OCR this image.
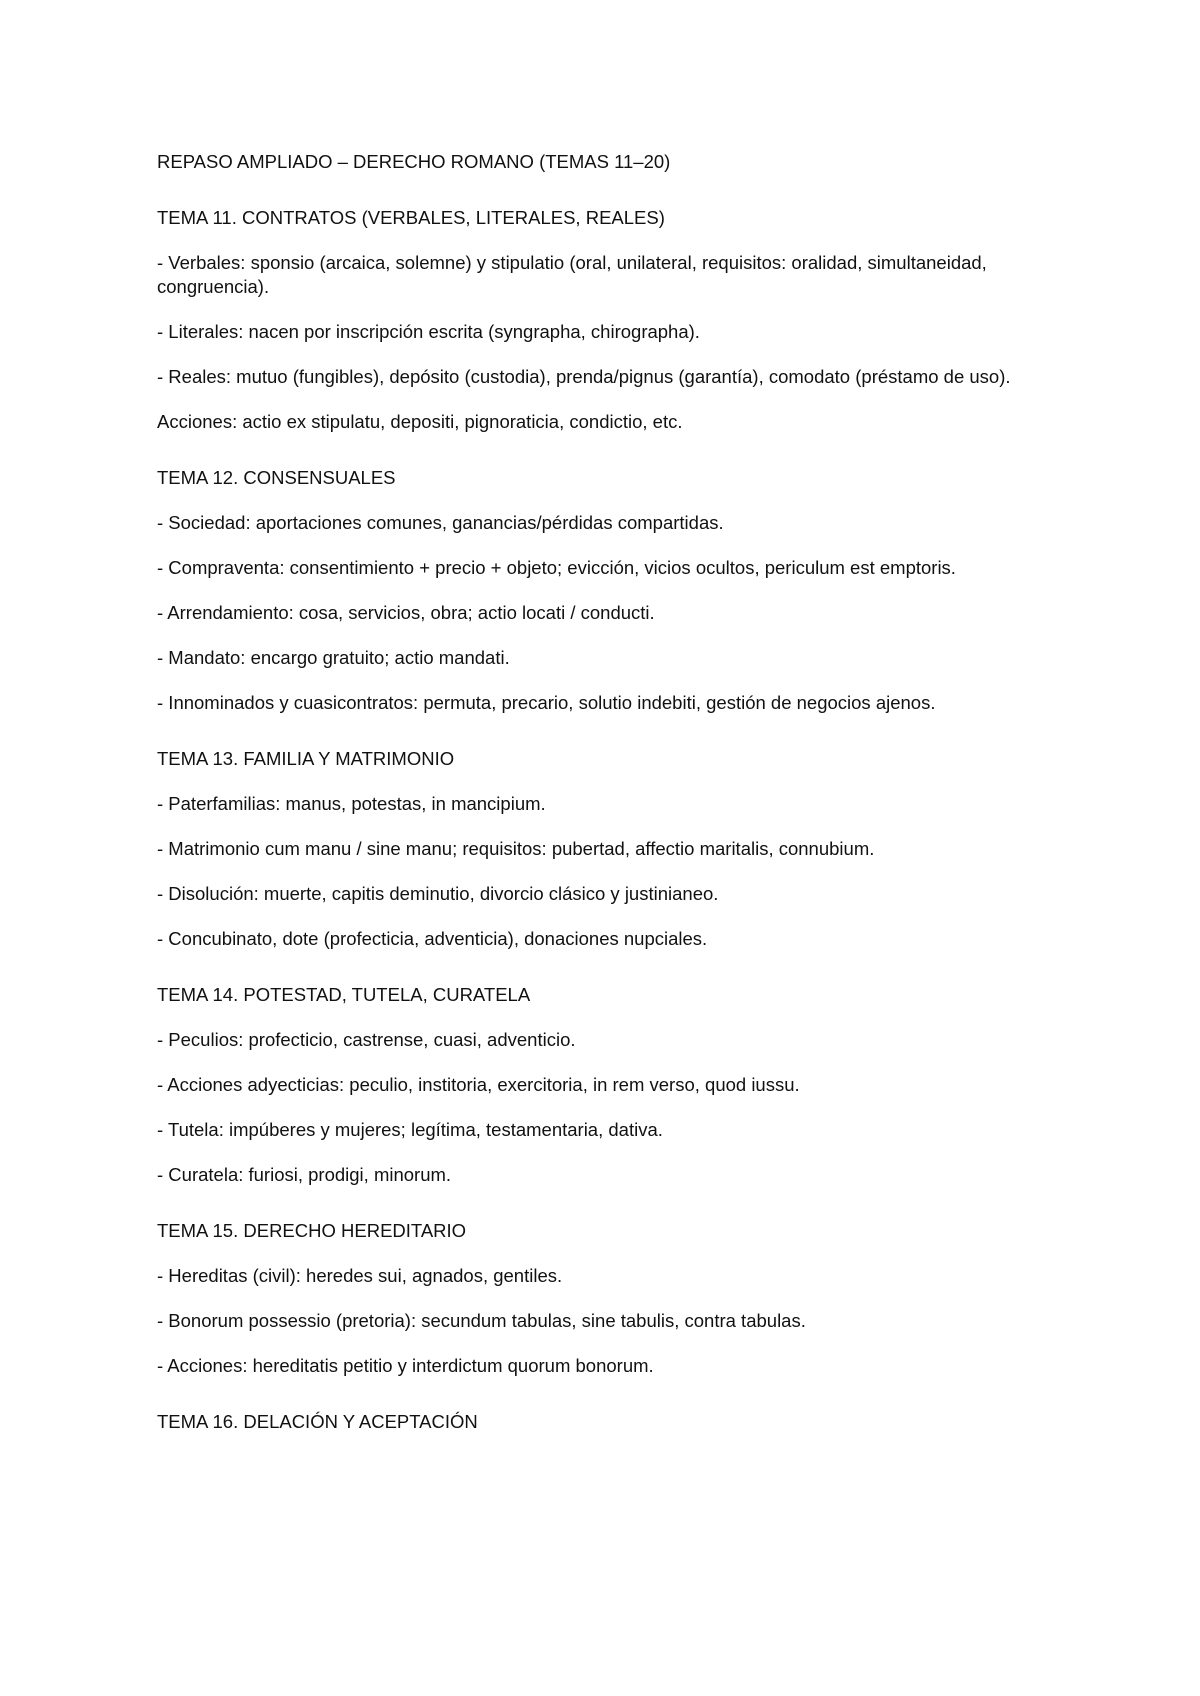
REPASO AMPLIADO – DERECHO ROMANO (TEMAS 11–20)
TEMA 11. CONTRATOS (VERBALES, LITERALES, REALES)
- Verbales: sponsio (arcaica, solemne) y stipulatio (oral, unilateral, requisitos: oralidad, simultaneidad, congruencia).
- Literales: nacen por inscripción escrita (syngrapha, chirographa).
- Reales: mutuo (fungibles), depósito (custodia), prenda/pignus (garantía), comodato (préstamo de uso).
Acciones: actio ex stipulatu, depositi, pignoraticia, condictio, etc.
TEMA 12. CONSENSUALES
- Sociedad: aportaciones comunes, ganancias/pérdidas compartidas.
- Compraventa: consentimiento + precio + objeto; evicción, vicios ocultos, periculum est emptoris.
- Arrendamiento: cosa, servicios, obra; actio locati / conducti.
- Mandato: encargo gratuito; actio mandati.
- Innominados y cuasicontratos: permuta, precario, solutio indebiti, gestión de negocios ajenos.
TEMA 13. FAMILIA Y MATRIMONIO
- Paterfamilias: manus, potestas, in mancipium.
- Matrimonio cum manu / sine manu; requisitos: pubertad, affectio maritalis, connubium.
- Disolución: muerte, capitis deminutio, divorcio clásico y justinianeo.
- Concubinato, dote (profecticia, adventicia), donaciones nupciales.
TEMA 14. POTESTAD, TUTELA, CURATELA
- Peculios: profecticio, castrense, cuasi, adventicio.
- Acciones adyecticias: peculio, institoria, exercitoria, in rem verso, quod iussu.
- Tutela: impúberes y mujeres; legítima, testamentaria, dativa.
- Curatela: furiosi, prodigi, minorum.
TEMA 15. DERECHO HEREDITARIO
- Hereditas (civil): heredes sui, agnados, gentiles.
- Bonorum possessio (pretoria): secundum tabulas, sine tabulis, contra tabulas.
- Acciones: hereditatis petitio y interdictum quorum bonorum.
TEMA 16. DELACIÓN Y ACEPTACIÓN
